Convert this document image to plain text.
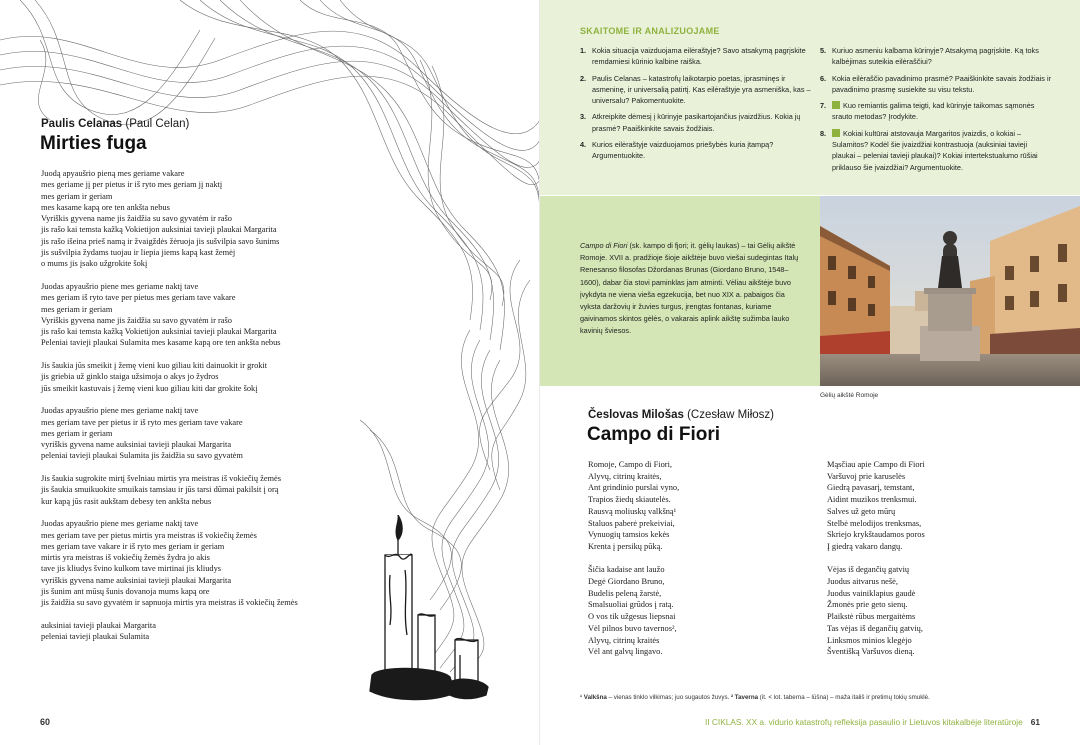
Paulis Celanas (Paul Celan)
Mirties fuga
Juodą apyaušrio pieną mes geriame vakare
mes geriame jį per pietus ir iš ryto mes geriam jį naktį
mes geriam ir geriam
mes kasame kapą ore ten ankšta nebus
Vyriškis gyvena name jis žaidžia su savo gyvatėm ir rašo
jis rašo kai temsta kažką Vokietijon auksiniai tavieji plaukai Margarita
jis rašo išeina prieš namą ir žvaigždės žėruoja jis sušvilpia savo šunims
jis sušvilpia žydams tuojau ir liepia jiems kapą kast žemėj
o mums jis įsako užgrokite šokį
Juodas apyaušrio piene mes geriame naktį tave
mes geriam iš ryto tave per pietus mes geriam tave vakare
mes geriam ir geriam
Vyriškis gyvena name jis žaidžia su savo gyvatėm ir rašo
jis rašo kai temsta kažką Vokietijon auksiniai tavieji plaukai Margarita
Peleniai tavieji plaukai Sulamita mes kasame kapą ore ten ankšta nebus
Jis šaukia jūs smeikit į žemę vieni kuo giliau kiti dainuokit ir grokit
jis griebia už ginklo staiga užsimoja o akys jo žydros
jūs smeikit kastuvais į žemę vieni kuo giliau kiti dar grokite šokį
Juodas apyaušrio piene mes geriame naktį tave
mes geriam tave per pietus ir iš ryto mes geriam tave vakare
mes geriam ir geriam
vyriškis gyvena name auksiniai tavieji plaukai Margarita
peleniai tavieji plaukai Sulamita jis žaidžia su savo gyvatėm
Jis šaukia sugrokite mirtį švelniau mirtis yra meistras iš vokiečių žemės
jis šaukia smuikuokite smuikais tamsiau ir jūs tarsi dūmai pakilsit į orą
kur kapą jūs rasit aukštam debesy ten ankšta nebus
Juodas apyaušrio piene mes geriame naktį tave
mes geriam tave per pietus mirtis yra meistras iš vokiečių žemės
mes geriam tave vakare ir iš ryto mes geriam ir geriam
mirtis yra meistras iš vokiečių žemės žydra jo akis
tave jis kliudys švino kulkom tave mirtinai jis kliudys
vyriškis gyvena name auksiniai tavieji plaukai Margarita
jis šunim ant mūsų šunis dovanoja mums kapą ore
jis žaidžia su savo gyvatėm ir sapnuoja mirtis yra meistras iš vokiečių žemės
auksiniai tavieji plaukai Margarita
peleniai tavieji plaukai Sulamita
60
SKAITOME IR ANALIZUOJAME
1. Kokia situacija vaizduojama eilėraštyje? Savo atsakymą pagrįskite remdamiesi kūrinio kalbine raiška.
2. Paulis Celanas – katastrofų laikotarpio poetas, įprasminęs ir asmeninę, ir universalią patirtį. Kas eilėraštyje yra asmeniška, kas – universalu? Pakomentuokite.
3. Atkreipkite dėmesį į kūrinyje pasikartojančius įvaizdžius. Kokia jų prasmė? Paaiškinkite savais žodžiais.
4. Kurios eilėraštyje vaizduojamos priešybės kuria įtampą? Argumentuokite.
5. Kuriuo asmeniu kalbama kūrinyje? Atsakymą pagrįskite. Ką toks kalbėjimas suteikia eilėraščiui?
6. Kokia eilėraščio pavadinimo prasmė? Paaiškinkite savais žodžiais ir pavadinimo prasmę susiekite su visu tekstu.
7.	Kuo remiantis galima teigti, kad kūrinyje taikomas sąmonės srauto metodas? Įrodykite.
8.	Kokiai kultūrai atstovauja Margaritos įvaizdis, o kokiai – Sulamitos? Kodėl šie įvaizdžiai kontrastuoja (auksiniai tavieji plaukai – peleniai tavieji plaukai)? Kokiai intertekstualumo rūšiai priklauso šie įvaizdžiai? Argumentuokite.
Campo di Fiori (sk. kampo di fjori; it. gėlių laukas) – tai Gėlių aikštė Romoje. XVII a. pradžioje šioje aikštėje buvo viešai sudegintas Italų Renesanso filosofas Džordanas Brunas (Giordano Bruno, 1548–1600), dabar čia stovi paminklas jam atminti. Vėliau aikštėje buvo įvykdyta ne viena vieša egzekucija, bet nuo XIX a. pabaigos čia vyksta daržovių ir žuvies turgus, įrengtas fontanas, kuriame gaivinamos skintos gėlės, o vakarais aplink aikštę sužimba lauko kavinių šviesos.
Gėlių aikštė Romoje
Česlovas Milošas (Czesław Miłosz)
Campo di Fiori
Romoje, Campo di Fiori,
Alyvų, citrinų kraitės,
Ant grindinio purslai vyno,
Trapios žiedų skiautelės.
Rausvą moliuskų valkšną¹
Staluos paberė prekeiviai,
Vynuogių tamsios kekės
Krenta į persikų pūką.
Šičia kadaise ant laužo
Degė Giordano Bruno,
Budelis peleną žarstė,
Smalsuoliai grūdos į ratą.
O vos tik užgesus liepsnai
Vėl pilnos buvo tavernos²,
Alyvų, citrinų kraitės
Vėl ant galvų lingavo.
Mąsčiau apie Campo di Fiori
Varšuvoj prie karuselės
Giedrą pavasarį, temstant,
Aidint muzikos trenksmui.
Salves už geto mūrų
Stelbė melodijos trenksmas,
Skriejo krykštaudamos poros
Į giedrą vakaro dangų.
Vėjas iš degančių gatvių
Juodus aitvarus nešė,
Juodus vainiklapius gaudė
Žmonės prie geto sienų.
Plaikstė rūbus mergaitėms
Tas vėjas iš degančių gatvių,
Linksmos minios klegėjo
Šventišką Varšuvos dieną.
¹ Valkšna – vienas tinklo vilkimas; juo sugautos žuvys. ² Taverna (it. < lot. taberna – lūšna) – maža itališ ir pretimų tokių smuklė.
II CIKLAS. XX a. vidurio katastrofų refleksija pasaulio ir Lietuvos kitakalbėje literatūroje 61
